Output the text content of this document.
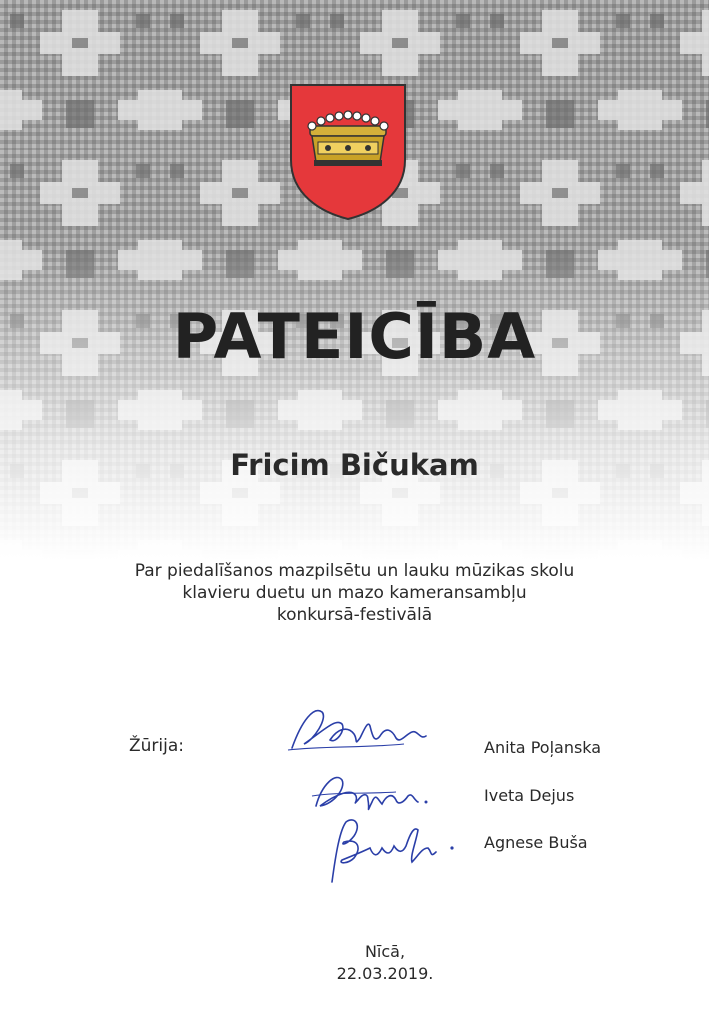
PATEICĪBA
Fricim Bičukam
Par piedalīšanos mazpilsētu un lauku mūzikas skolu
klavieru duetu un mazo kameransambļu
konkursā-festivālā
Žūrija:	Anita Poļanska
Iveta Dejus
Agnese Buša
Nīcā,
22.03.2019.
